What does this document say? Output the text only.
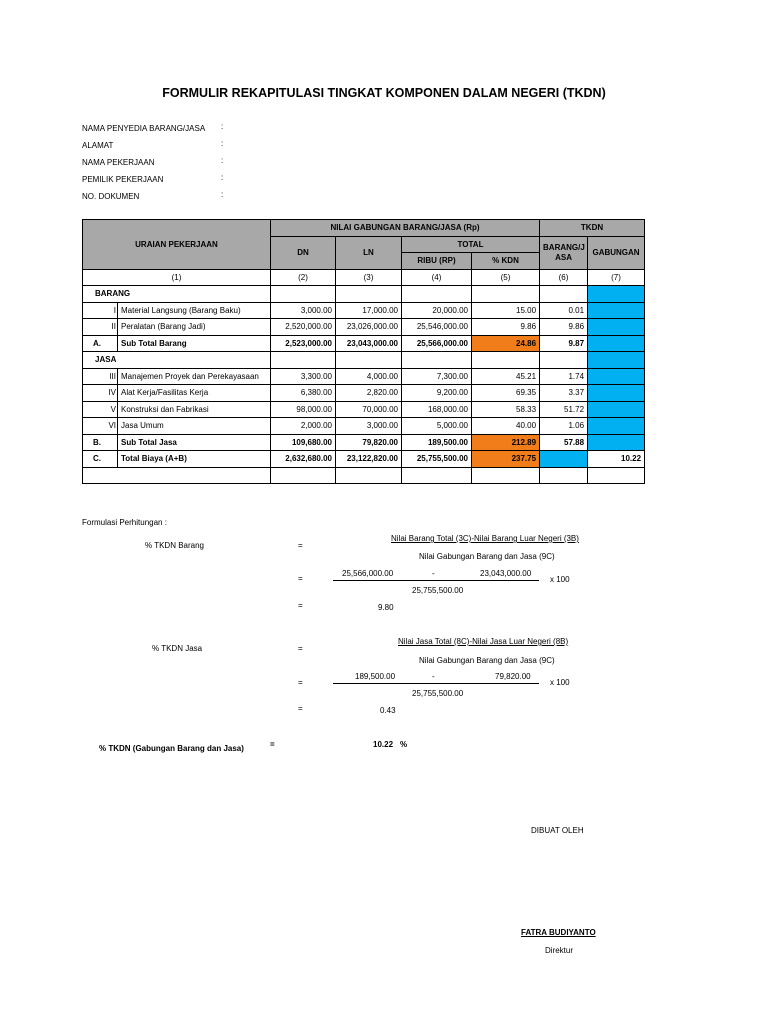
FORMULIR REKAPITULASI TINGKAT KOMPONEN DALAM NEGERI (TKDN)
NAMA PENYEDIA BARANG/JASA :
ALAMAT	:
NAMA PEKERJAAN	:
PEMILIK PEKERJAAN	:
NO. DOKUMEN	:
URAIAN PEKERJAAN		NILAI GABUNGAN BARANG/JASA (Rp)				TKDN	
		DN	LN	TOTAL		BARANG/J ASA	GABUNGAN
				RIBU (RP)	% KDN		
(1)		(2)	(3)	(4)	(5)	(6)	(7)
BARANG							
I	Material Langsung (Barang Baku)	3,000.00	17,000.00	20,000.00	15.00	0.01	
II	Peralatan (Barang Jadi)	2,520,000.00	23,026,000.00	25,546,000.00	9.86	9.86	
A.	Sub Total Barang	2,523,000.00	23,043,000.00	25,566,000.00	24.86	9.87	
JASA							
III	Manajemen Proyek dan Perekayasaan	3,300.00	4,000.00	7,300.00	45.21	1.74	
IV	Alat Kerja/Fasilitas Kerja	6,380.00	2,820.00	9,200.00	69.35	3.37	
V	Konstruksi dan Fabrikasi	98,000.00	70,000.00	168,000.00	58.33	51.72	
VI	Jasa Umum	2,000.00	3,000.00	5,000.00	40.00	1.06	
B.	Sub Total Jasa	109,680.00	79,820.00	189,500.00	212.89	57.88	
C.	Total Biaya (A+B)	2,632,680.00	23,122,820.00	25,755,500.00	237.75		10.22

Formulasi Perhitungan :
% TKDN Barang	=
Nilai Barang Total (3C)-Nilai Barang Luar Negeri (3B)
Nilai Gabungan Barang dan Jasa (9C)
=
25,566,000.00	-	23,043,000.00
x 100
25,755,500.00
=	9.80
% TKDN Jasa	=
Nilai Jasa Total (8C)-Nilai Jasa Luar Negeri (8B)
Nilai Gabungan Barang dan Jasa (9C)
=
189,500.00	-	79,820.00
x 100
25,755,500.00
=	0.43
% TKDN (Gabungan Barang dan Jasa)	=	10.22 %
DIBUAT OLEH
FATRA BUDIYANTO
Direktur
